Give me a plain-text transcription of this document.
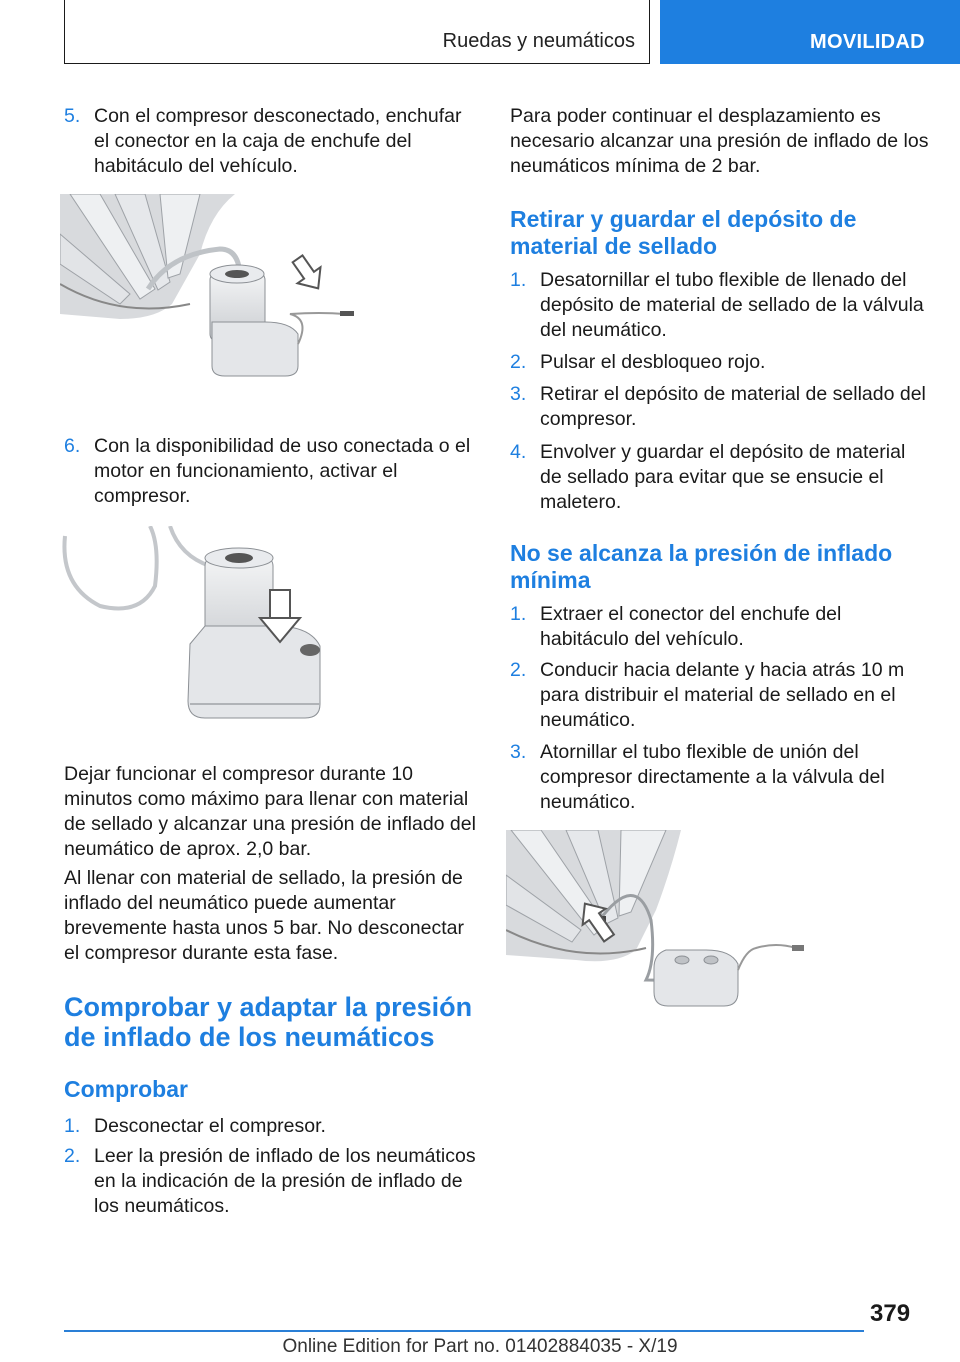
Ruedas y neumáticos	MOVILIDAD
5. Con el compresor desconectado, enchufar el conector en la caja de enchufe del habitáculo del vehículo.
6. Con la disponibilidad de uso conectada o el motor en funcionamiento, activar el compresor.
Dejar funcionar el compresor durante 10 minutos como máximo para llenar con material de sellado y alcanzar una presión de inflado del neumático de aprox. 2,0 bar.
Al llenar con material de sellado, la presión de inflado del neumático puede aumentar brevemente hasta unos 5 bar. No desconectar el compresor durante esta fase.
Comprobar y adaptar la presión de inflado de los neumáticos
Comprobar
1. Desconectar el compresor.
2. Leer la presión de inflado de los neumáticos en la indicación de la presión de inflado de los neumáticos.
Para poder continuar el desplazamiento es necesario alcanzar una presión de inflado de los neumáticos mínima de 2 bar.
Retirar y guardar el depósito de material de sellado
1. Desatornillar el tubo flexible de llenado del depósito de material de sellado de la válvula del neumático.
2. Pulsar el desbloqueo rojo.
3. Retirar el depósito de material de sellado del compresor.
4. Envolver y guardar el depósito de material de sellado para evitar que se ensucie el maletero.
No se alcanza la presión de inflado mínima
1. Extraer el conector del enchufe del habitáculo del vehículo.
2. Conducir hacia delante y hacia atrás 10 m para distribuir el material de sellado en el neumático.
3. Atornillar el tubo flexible de unión del compresor directamente a la válvula del neumático.
379
Online Edition for Part no. 01402884035 - X/19
